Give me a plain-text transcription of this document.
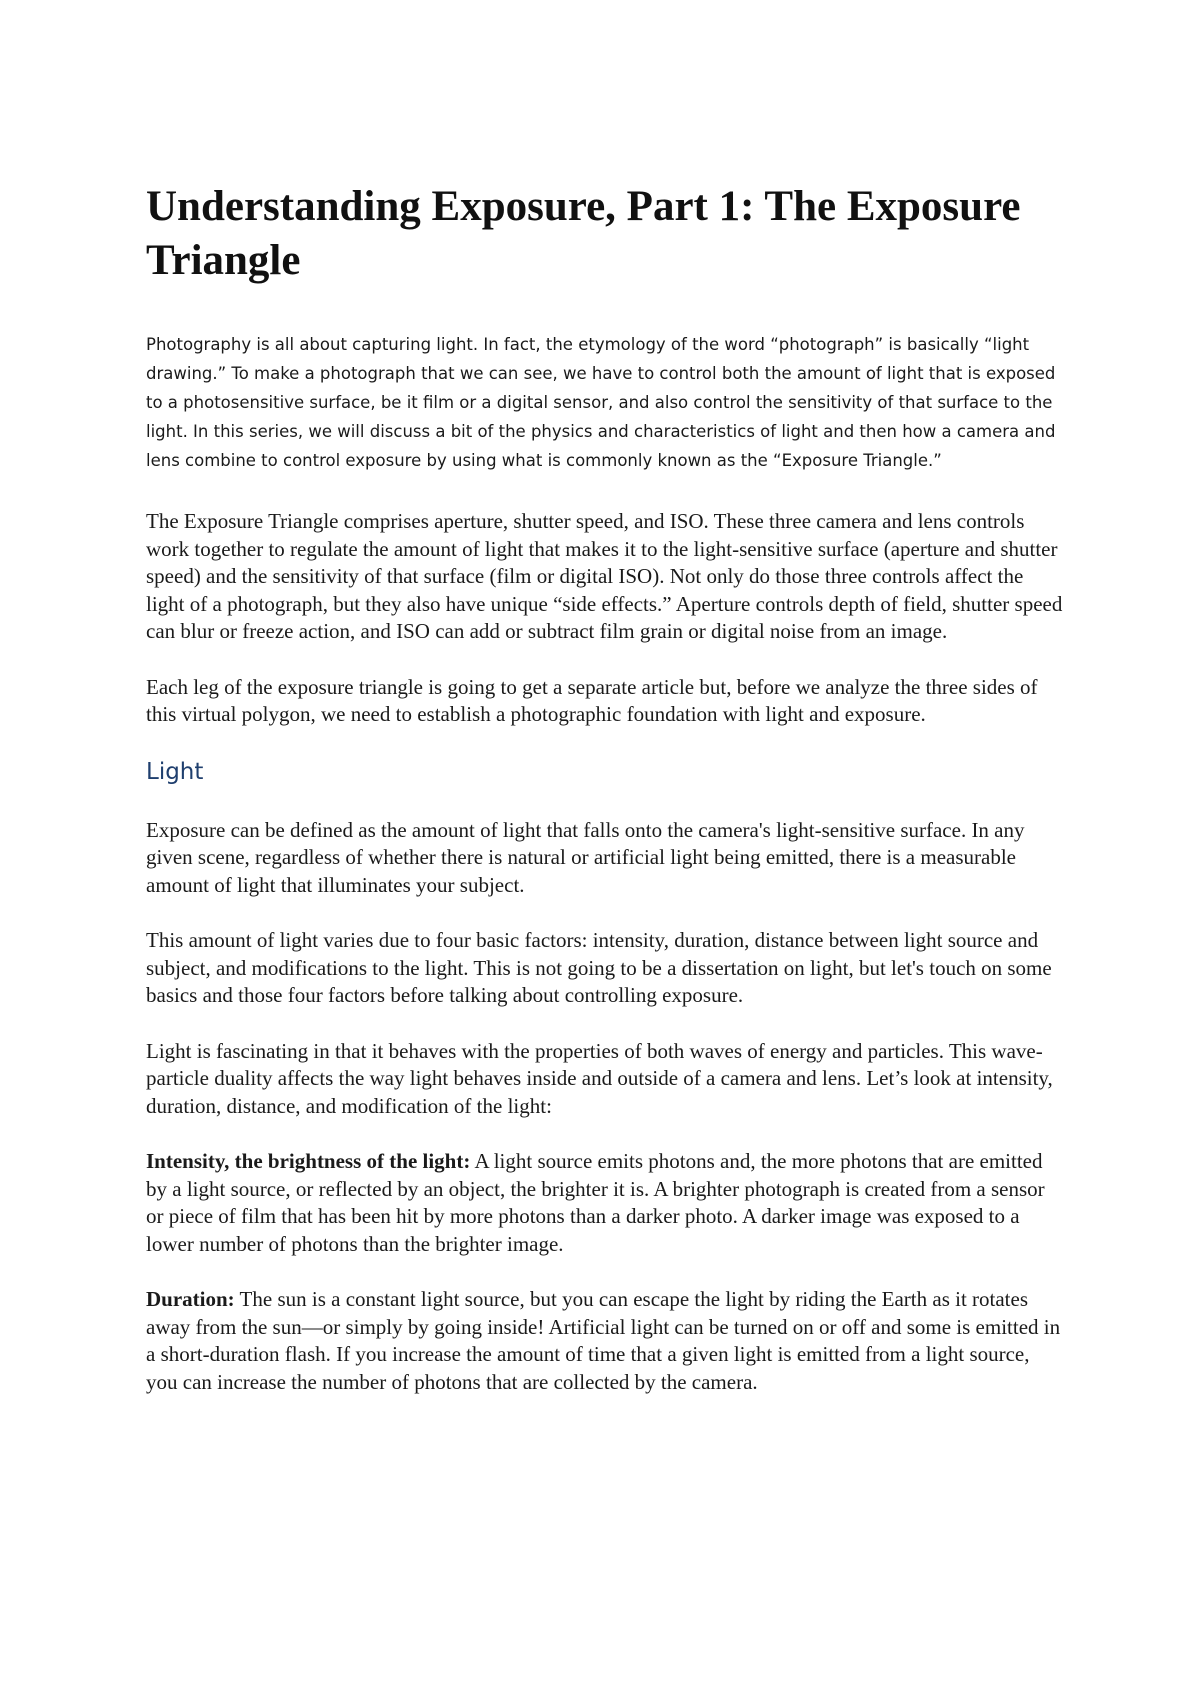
Understanding Exposure, Part 1: The Exposure Triangle

Photography is all about capturing light. In fact, the etymology of the word “photograph” is basically “light drawing.” To make a photograph that we can see, we have to control both the amount of light that is exposed to a photosensitive surface, be it film or a digital sensor, and also control the sensitivity of that surface to the light. In this series, we will discuss a bit of the physics and characteristics of light and then how a camera and lens combine to control exposure by using what is commonly known as the “Exposure Triangle.”

The Exposure Triangle comprises aperture, shutter speed, and ISO. These three camera and lens controls work together to regulate the amount of light that makes it to the light-sensitive surface (aperture and shutter speed) and the sensitivity of that surface (film or digital ISO). Not only do those three controls affect the light of a photograph, but they also have unique “side effects.” Aperture controls depth of field, shutter speed can blur or freeze action, and ISO can add or subtract film grain or digital noise from an image.

Each leg of the exposure triangle is going to get a separate article but, before we analyze the three sides of this virtual polygon, we need to establish a photographic foundation with light and exposure.

Light

Exposure can be defined as the amount of light that falls onto the camera's light-sensitive surface. In any given scene, regardless of whether there is natural or artificial light being emitted, there is a measurable amount of light that illuminates your subject.

This amount of light varies due to four basic factors: intensity, duration, distance between light source and subject, and modifications to the light. This is not going to be a dissertation on light, but let's touch on some basics and those four factors before talking about controlling exposure.

Light is fascinating in that it behaves with the properties of both waves of energy and particles. This wave-particle duality affects the way light behaves inside and outside of a camera and lens. Let’s look at intensity, duration, distance, and modification of the light:

Intensity, the brightness of the light: A light source emits photons and, the more photons that are emitted by a light source, or reflected by an object, the brighter it is. A brighter photograph is created from a sensor or piece of film that has been hit by more photons than a darker photo. A darker image was exposed to a lower number of photons than the brighter image.

Duration: The sun is a constant light source, but you can escape the light by riding the Earth as it rotates away from the sun—or simply by going inside! Artificial light can be turned on or off and some is emitted in a short-duration flash. If you increase the amount of time that a given light is emitted from a light source, you can increase the number of photons that are collected by the camera.
